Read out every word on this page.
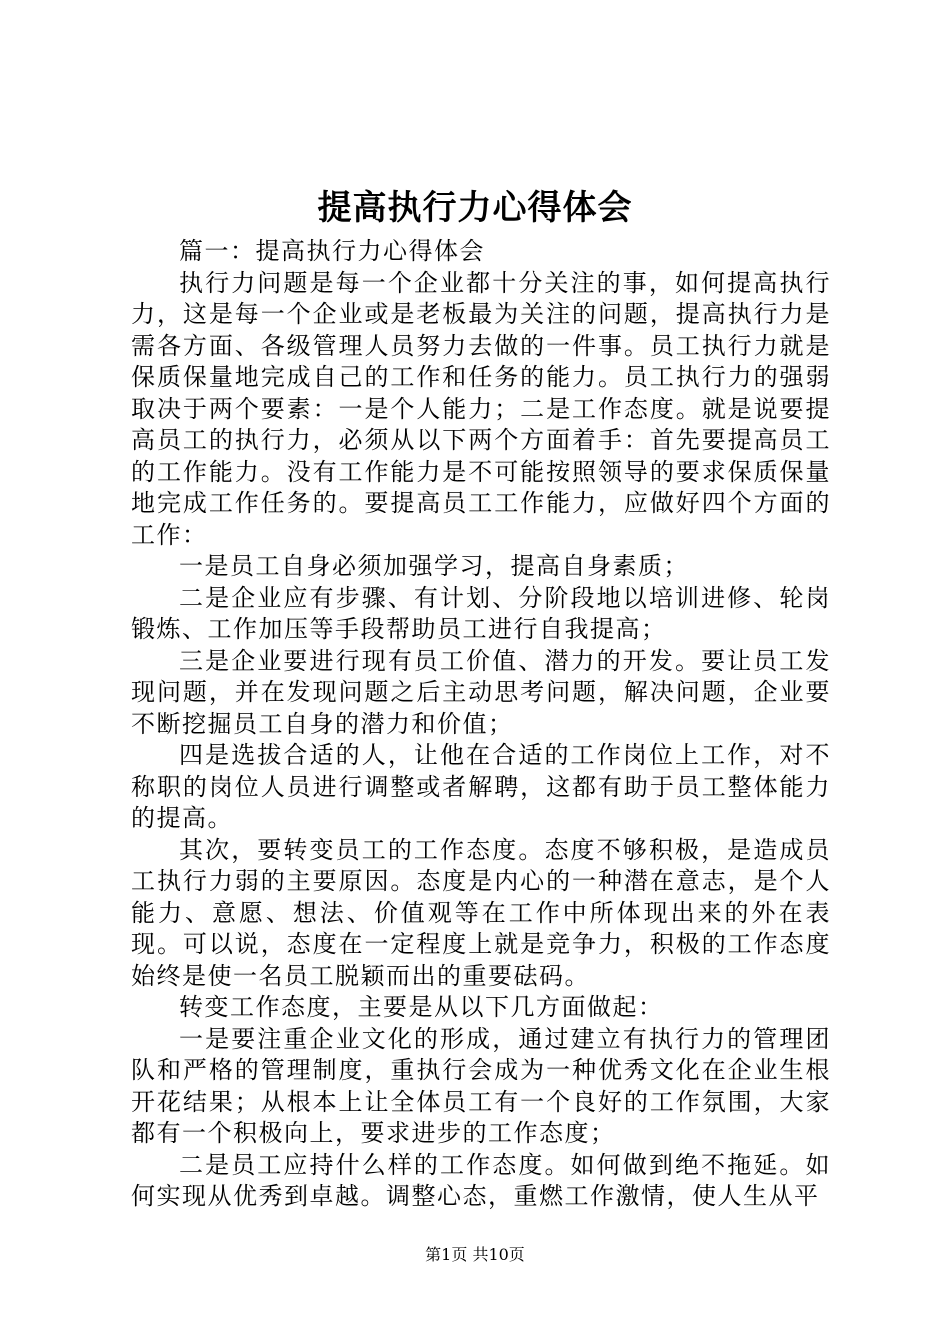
提高执行力心得体会

篇一：提高执行力心得体会

执行力问题是每一个企业都十分关注的事，如何提高执行力，这是每一个企业或是老板最为关注的问题，提高执行力是需各方面、各级管理人员努力去做的一件事。员工执行力就是保质保量地完成自己的工作和任务的能力。员工执行力的强弱取决于两个要素：一是个人能力；二是工作态度。就是说要提高员工的执行力，必须从以下两个方面着手：首先要提高员工的工作能力。没有工作能力是不可能按照领导的要求保质保量地完成工作任务的。要提高员工工作能力，应做好四个方面的工作：

一是员工自身必须加强学习，提高自身素质；

二是企业应有步骤、有计划、分阶段地以培训进修、轮岗锻炼、工作加压等手段帮助员工进行自我提高；

三是企业要进行现有员工价值、潜力的开发。要让员工发现问题，并在发现问题之后主动思考问题，解决问题，企业要不断挖掘员工自身的潜力和价值；

四是选拔合适的人，让他在合适的工作岗位上工作，对不称职的岗位人员进行调整或者解聘，这都有助于员工整体能力的提高。

其次，要转变员工的工作态度。态度不够积极，是造成员工执行力弱的主要原因。态度是内心的一种潜在意志，是个人能力、意愿、想法、价值观等在工作中所体现出来的外在表现。可以说，态度在一定程度上就是竞争力，积极的工作态度始终是使一名员工脱颖而出的重要砝码。

转变工作态度，主要是从以下几方面做起：

一是要注重企业文化的形成，通过建立有执行力的管理团队和严格的管理制度，重执行会成为一种优秀文化在企业生根开花结果；从根本上让全体员工有一个良好的工作氛围，大家都有一个积极向上，要求进步的工作态度；

二是员工应持什么样的工作态度。如何做到绝不拖延。如何实现从优秀到卓越。调整心态，重燃工作激情，使人生从平

第1页 共10页
